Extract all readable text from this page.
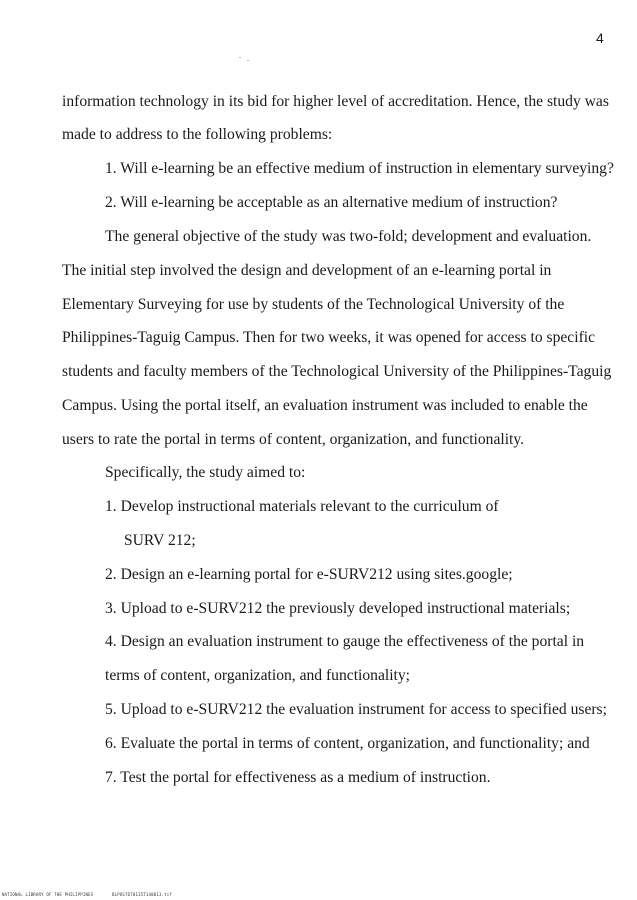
4
information technology in its bid for higher level of accreditation. Hence, the study was
made to address to the following problems:
1. Will e-learning be an effective medium of instruction in elementary surveying?
2. Will e-learning be acceptable as an alternative medium of instruction?
The general objective of the study was two-fold; development and evaluation.
The initial step involved the design and development of an e-learning portal in
Elementary Surveying for use by students of the Technological University of the
Philippines-Taguig Campus. Then for two weeks, it was opened for access to specific
students and faculty members of the Technological University of the Philippines-Taguig
Campus. Using the portal itself, an evaluation instrument was included to enable the
users to rate the portal in terms of content, organization, and functionality.
Specifically, the study aimed to:
1. Develop instructional materials relevant to the curriculum of
SURV 212;
2. Design an e-learning portal for e-SURV212 using sites.google;
3. Upload to e-SURV212 the previously developed instructional materials;
4. Design an evaluation instrument to gauge the effectiveness of the portal in
terms of content, organization, and functionality;
5. Upload to e-SURV212 the evaluation instrument for access to specified users;
6. Evaluate the portal in terms of content, organization, and functionality; and
7. Test the portal for effectiveness as a medium of instruction.
NATIONAL LIBRARY OF THE PHILIPPINES	BLPOS7D70135T140013.tif
